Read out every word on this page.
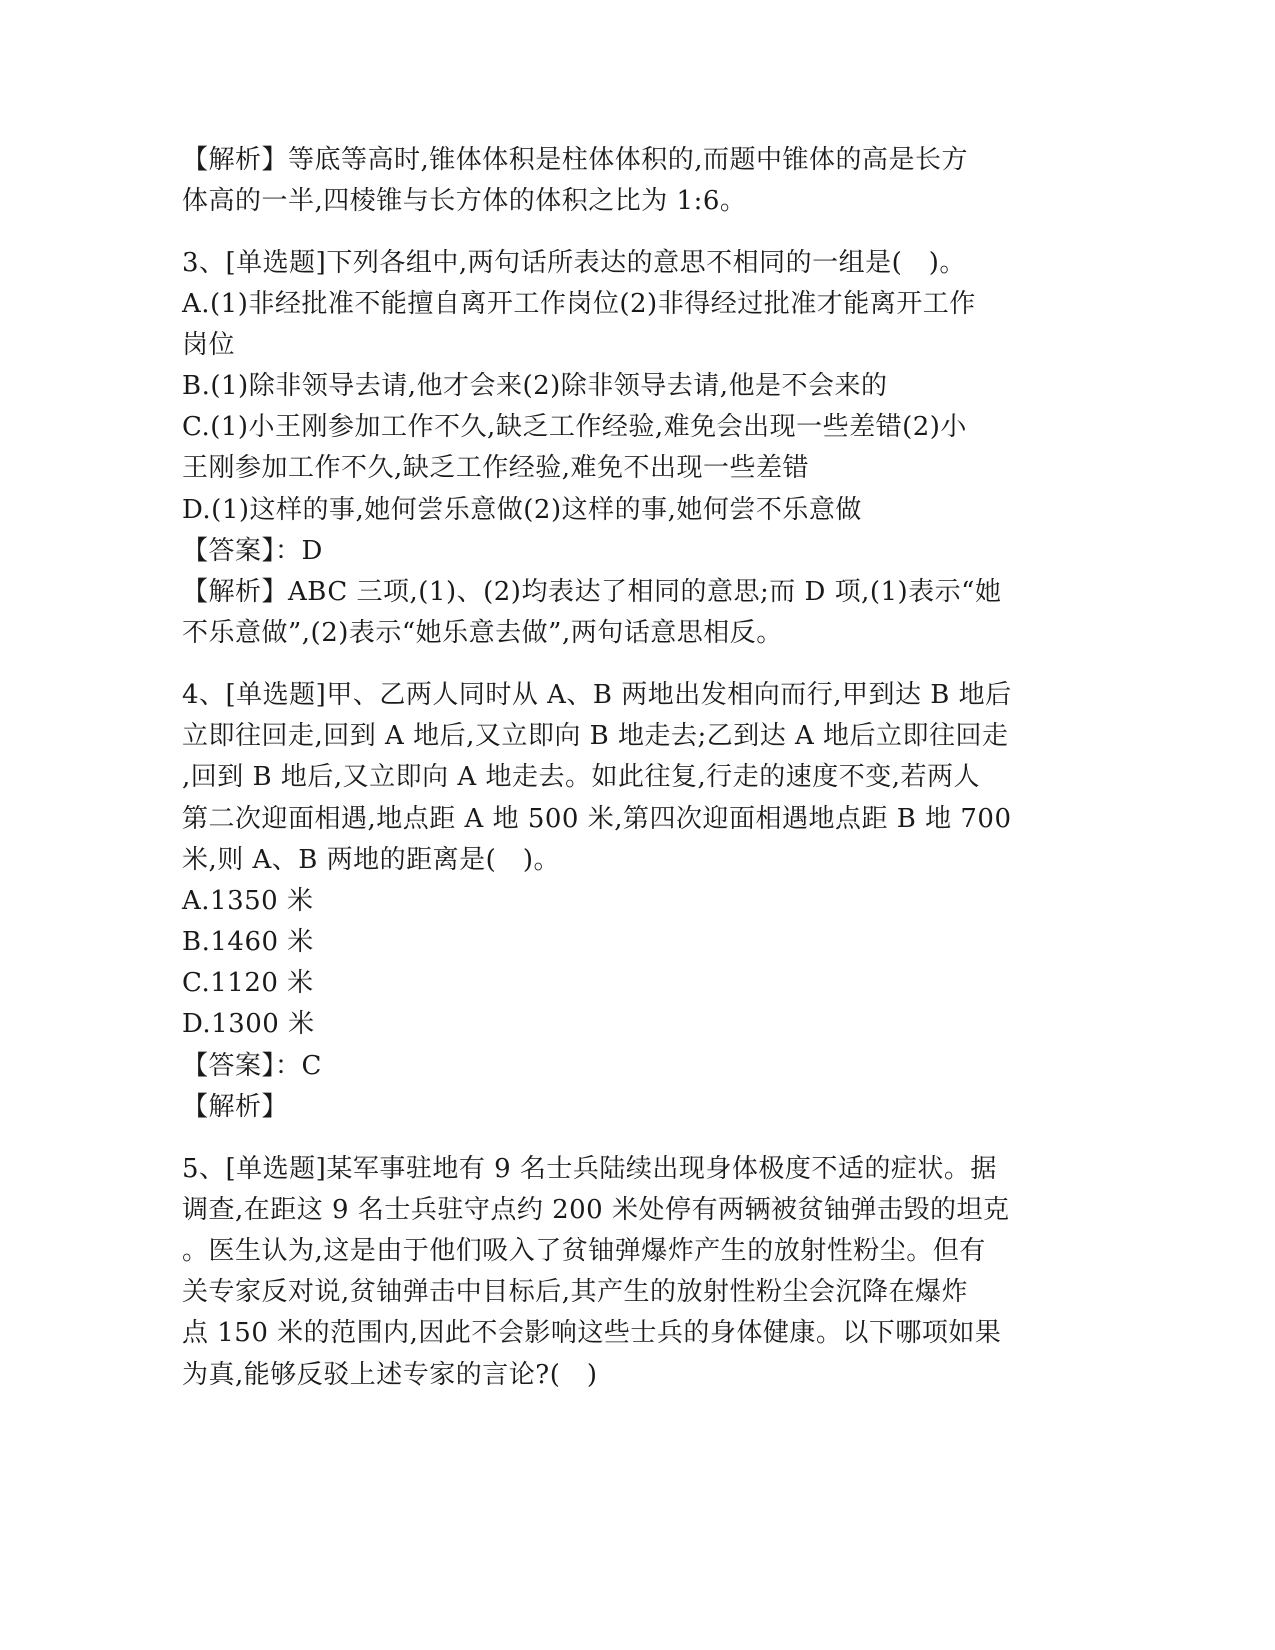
【解析】等底等高时,锥体体积是柱体体积的,而题中锥体的高是长方
体高的一半,四棱锥与长方体的体积之比为 1:6。
3、[单选题]下列各组中,两句话所表达的意思不相同的一组是(　)。
A.(1)非经批准不能擅自离开工作岗位(2)非得经过批准才能离开工作
岗位
B.(1)除非领导去请,他才会来(2)除非领导去请,他是不会来的
C.(1)小王刚参加工作不久,缺乏工作经验,难免会出现一些差错(2)小
王刚参加工作不久,缺乏工作经验,难免不出现一些差错
D.(1)这样的事,她何尝乐意做(2)这样的事,她何尝不乐意做
【答案】：D
【解析】ABC 三项,(1)、(2)均表达了相同的意思;而 D 项,(1)表示“她
不乐意做”,(2)表示“她乐意去做”,两句话意思相反。
4、[单选题]甲、乙两人同时从 A、B 两地出发相向而行,甲到达 B 地后
立即往回走,回到 A 地后,又立即向 B 地走去;乙到达 A 地后立即往回走
,回到 B 地后,又立即向 A 地走去。如此往复,行走的速度不变,若两人
第二次迎面相遇,地点距 A 地 500 米,第四次迎面相遇地点距 B 地 700
米,则 A、B 两地的距离是(　)。
A.1350 米
B.1460 米
C.1120 米
D.1300 米
【答案】：C
【解析】
5、[单选题]某军事驻地有 9 名士兵陆续出现身体极度不适的症状。据
调查,在距这 9 名士兵驻守点约 200 米处停有两辆被贫铀弹击毁的坦克
。医生认为,这是由于他们吸入了贫铀弹爆炸产生的放射性粉尘。但有
关专家反对说,贫铀弹击中目标后,其产生的放射性粉尘会沉降在爆炸
点 150 米的范围内,因此不会影响这些士兵的身体健康。以下哪项如果
为真,能够反驳上述专家的言论?(　)
